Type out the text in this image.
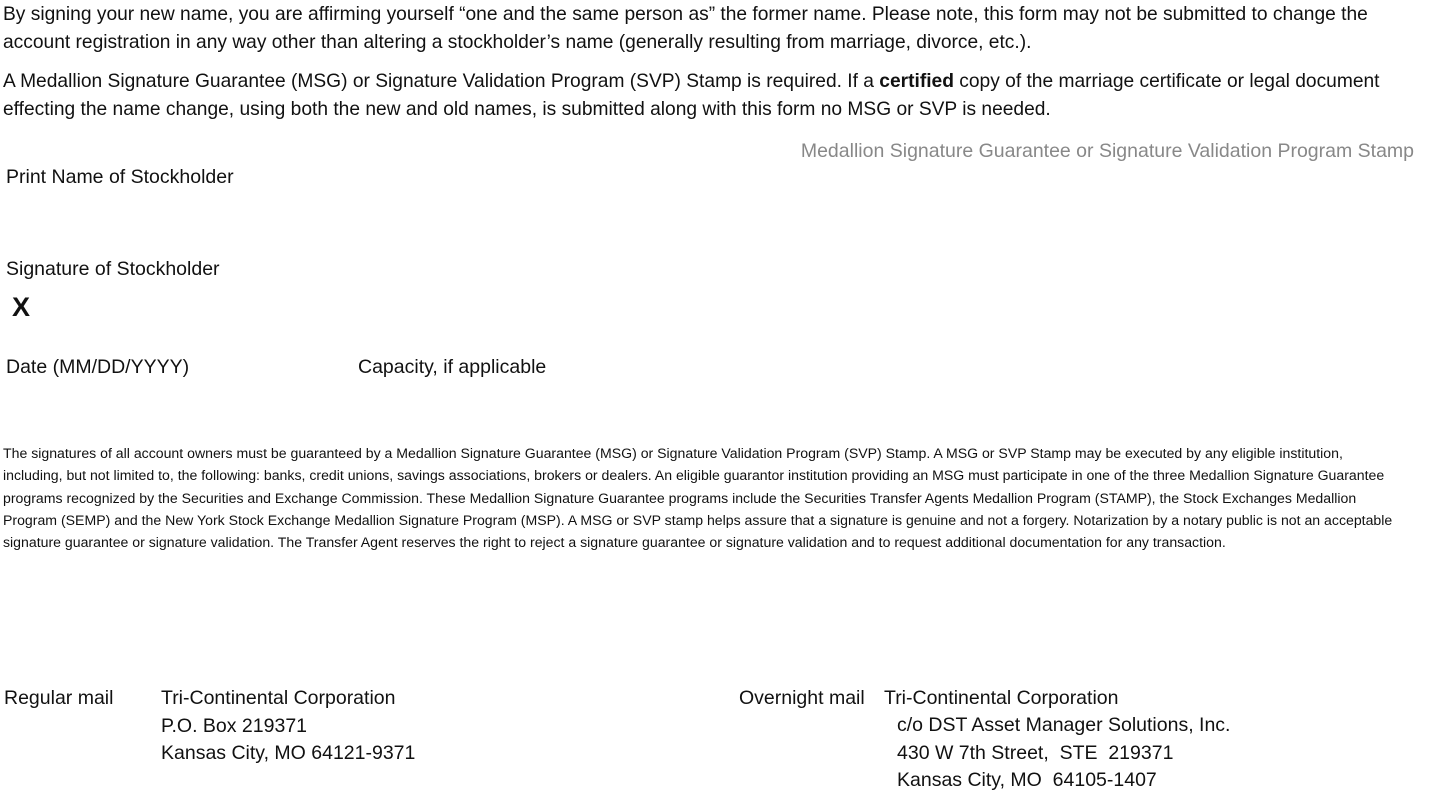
By signing your new name, you are affirming yourself “one and the same person as” the former name. Please note, this form may not be submitted to change the account registration in any way other than altering a stockholder’s name (generally resulting from marriage, divorce, etc.).

A Medallion Signature Guarantee (MSG) or Signature Validation Program (SVP) Stamp is required. If a certified copy of the marriage certificate or legal document effecting the name change, using both the new and old names, is submitted along with this form no MSG or SVP is needed.

Medallion Signature Guarantee or Signature Validation Program Stamp
Print Name of Stockholder
Signature of Stockholder
X
Date (MM/DD/YYYY)	Capacity, if applicable

The signatures of all account owners must be guaranteed by a Medallion Signature Guarantee (MSG) or Signature Validation Program (SVP) Stamp. A MSG or SVP Stamp may be executed by any eligible institution, including, but not limited to, the following: banks, credit unions, savings associations, brokers or dealers. An eligible guarantor institution providing an MSG must participate in one of the three Medallion Signature Guarantee programs recognized by the Securities and Exchange Commission. These Medallion Signature Guarantee programs include the Securities Transfer Agents Medallion Program (STAMP), the Stock Exchanges Medallion Program (SEMP) and the New York Stock Exchange Medallion Signature Program (MSP). A MSG or SVP stamp helps assure that a signature is genuine and not a forgery. Notarization by a notary public is not an acceptable signature guarantee or signature validation. The Transfer Agent reserves the right to reject a signature guarantee or signature validation and to request additional documentation for any transaction.

Regular mail Tri-Continental Corporation
P.O. Box 219371
Kansas City, MO 64121-9371
Overnight mail Tri-Continental Corporation
c/o DST Asset Manager Solutions, Inc.
430 W 7th Street,  STE  219371
Kansas City, MO  64105-1407
